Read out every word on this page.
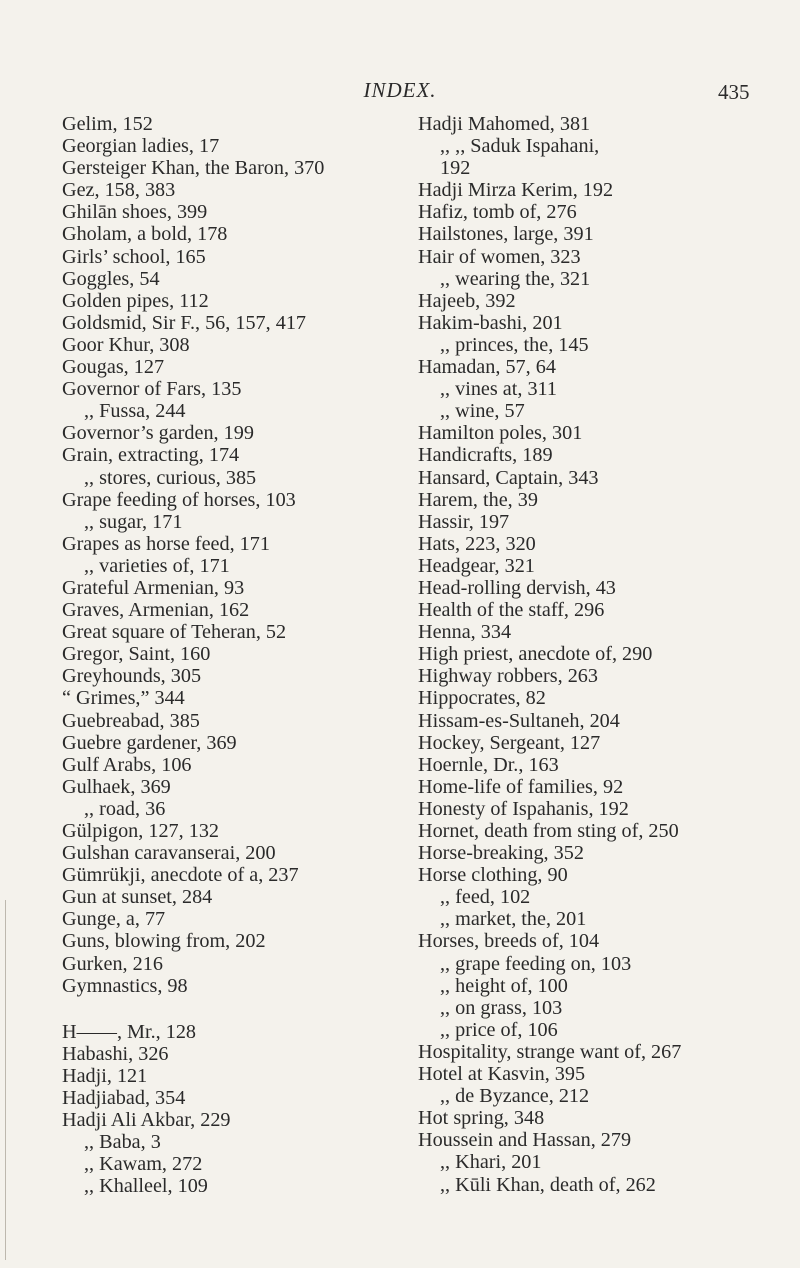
INDEX.	435
Gelim, 152
Georgian ladies, 17
Gersteiger Khan, the Baron, 370
Gez, 158, 383
Ghilān shoes, 399
Gholam, a bold, 178
Girls’ school, 165
Goggles, 54
Golden pipes, 112
Goldsmid, Sir F., 56, 157, 417
Goor Khur, 308
Gougas, 127
Governor of Fars, 135
,, Fussa, 244
Governor’s garden, 199
Grain, extracting, 174
,, stores, curious, 385
Grape feeding of horses, 103
,, sugar, 171
Grapes as horse feed, 171
,, varieties of, 171
Grateful Armenian, 93
Graves, Armenian, 162
Great square of Teheran, 52
Gregor, Saint, 160
Greyhounds, 305
“ Grimes,” 344
Guebreabad, 385
Guebre gardener, 369
Gulf Arabs, 106
Gulhaek, 369
,, road, 36
Gülpigon, 127, 132
Gulshan caravanserai, 200
Gümrükji, anecdote of a, 237
Gun at sunset, 284
Gunge, a, 77
Guns, blowing from, 202
Gurken, 216
Gymnastics, 98
H——, Mr., 128
Habashi, 326
Hadji, 121
Hadjiabad, 354
Hadji Ali Akbar, 229
,, Baba, 3
,, Kawam, 272
,, Khalleel, 109
Hadji Mahomed, 381
,, ,, Saduk Ispahani,
192
Hadji Mirza Kerim, 192
Hafiz, tomb of, 276
Hailstones, large, 391
Hair of women, 323
,, wearing the, 321
Hajeeb, 392
Hakim-bashi, 201
,, princes, the, 145
Hamadan, 57, 64
,, vines at, 311
,, wine, 57
Hamilton poles, 301
Handicrafts, 189
Hansard, Captain, 343
Harem, the, 39
Hassir, 197
Hats, 223, 320
Headgear, 321
Head-rolling dervish, 43
Health of the staff, 296
Henna, 334
High priest, anecdote of, 290
Highway robbers, 263
Hippocrates, 82
Hissam-es-Sultaneh, 204
Hockey, Sergeant, 127
Hoernle, Dr., 163
Home-life of families, 92
Honesty of Ispahanis, 192
Hornet, death from sting of, 250
Horse-breaking, 352
Horse clothing, 90
,, feed, 102
,, market, the, 201
Horses, breeds of, 104
,, grape feeding on, 103
,, height of, 100
,, on grass, 103
,, price of, 106
Hospitality, strange want of, 267
Hotel at Kasvin, 395
,, de Byzance, 212
Hot spring, 348
Houssein and Hassan, 279
,, Khari, 201
,, Kūli Khan, death of, 262
